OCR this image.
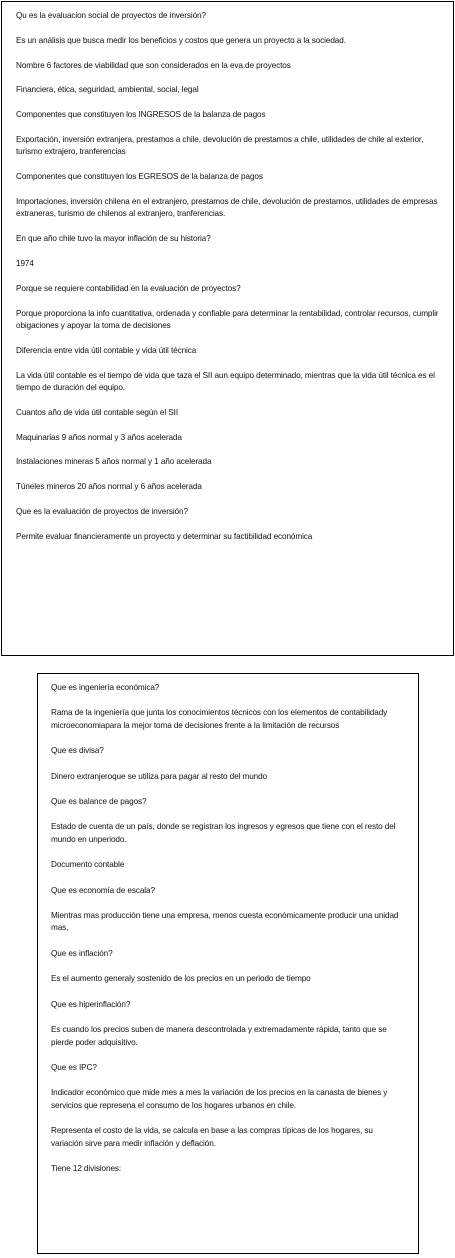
Qu es la evaluacion social de proyectos de inversión?

Es un análisis que busca medir los beneficios y costos que genera un proyecto a la sociedad.

Nombre 6 factores de viabilidad que son considerados en la eva.de proyectos

Financiera, ética, seguridad, ambiental, social, legal

Componentes que constituyen los INGRESOS de la balanza de pagos

Exportación, inversión extranjera, prestamos a chile, devolución de prestamos a chile, utilidades de chile al exterior, turismo extrajero, tranferencias

Componentes que constituyen los EGRESOS de la balanza de pagos

Importaciones, inversión chilena en el extranjero, prestamos de chile, devolución de prestamos, utilidades de empresas extraneras, turismo de chilenos al extranjero, tranferencias.

En que año chile tuvo la mayor inflación de su historia?

1974

Porque se requiere contabilidad en la evaluación de proyectos?

Porque proporciona la info cuantitativa, ordenada y confiable para determinar la rentabilidad, controlar recursos, cumplir obigaciones y apoyar la toma de decisiones

Diferencia entre vida útil contable y vida útil técnica

La vida útil contable es el tiempo de vida que taza el SII aun equipo determinado, mientras que la vida útil técnica es el tiempo de duración del equipo.

Cuantos año de vida útil contable según el SII

Maquinarias 9 años normal y 3 años acelerada

Instalaciones mineras 5 años normal y 1 año acelerada

Túneles mineros 20 años normal y 6 años acelerada

Que es la evaluación de proyectos de inversión?

Permite evaluar financieramente un proyecto y determinar su factibilidad económica

Que es ingeniería económica?

Rama de la ingeniería que junta los conocimientos técnicos con los elementos de contabilidady microeconomiapara la mejor toma de decisiones frente a la limitación de recursos

Que es divisa?

Dinero extranjeroque se utiliza para pagar al resto del mundo

Que es balance de pagos?

Estado de cuenta de un país, donde se registran los ingresos y egresos que tiene con el resto del mundo en unperiodo.

Documento contable

Que es economía de escala?

Mientras mas producción tiene una empresa, menos cuesta económicamente producir una unidad mas,

Que es inflación?

Es el aumento generaly sostenido de los precios en un periodo de tiempo

Que es hiperinflación?

Es cuando los precios suben de manera descontrolada y extremadamente rápida, tanto que se pierde poder adquisitivo.

Que es IPC?

Indicador económico que mide mes a mes la variación de los precios en la canasta de bienes y servicios que represena el consumo de los hogares urbanos en chile.

Representa el costo de la vida, se calcula en base a las compras típicas de los hogares, su variación sirve para medir inflación y deflación.

Tiene 12 divisiones:
